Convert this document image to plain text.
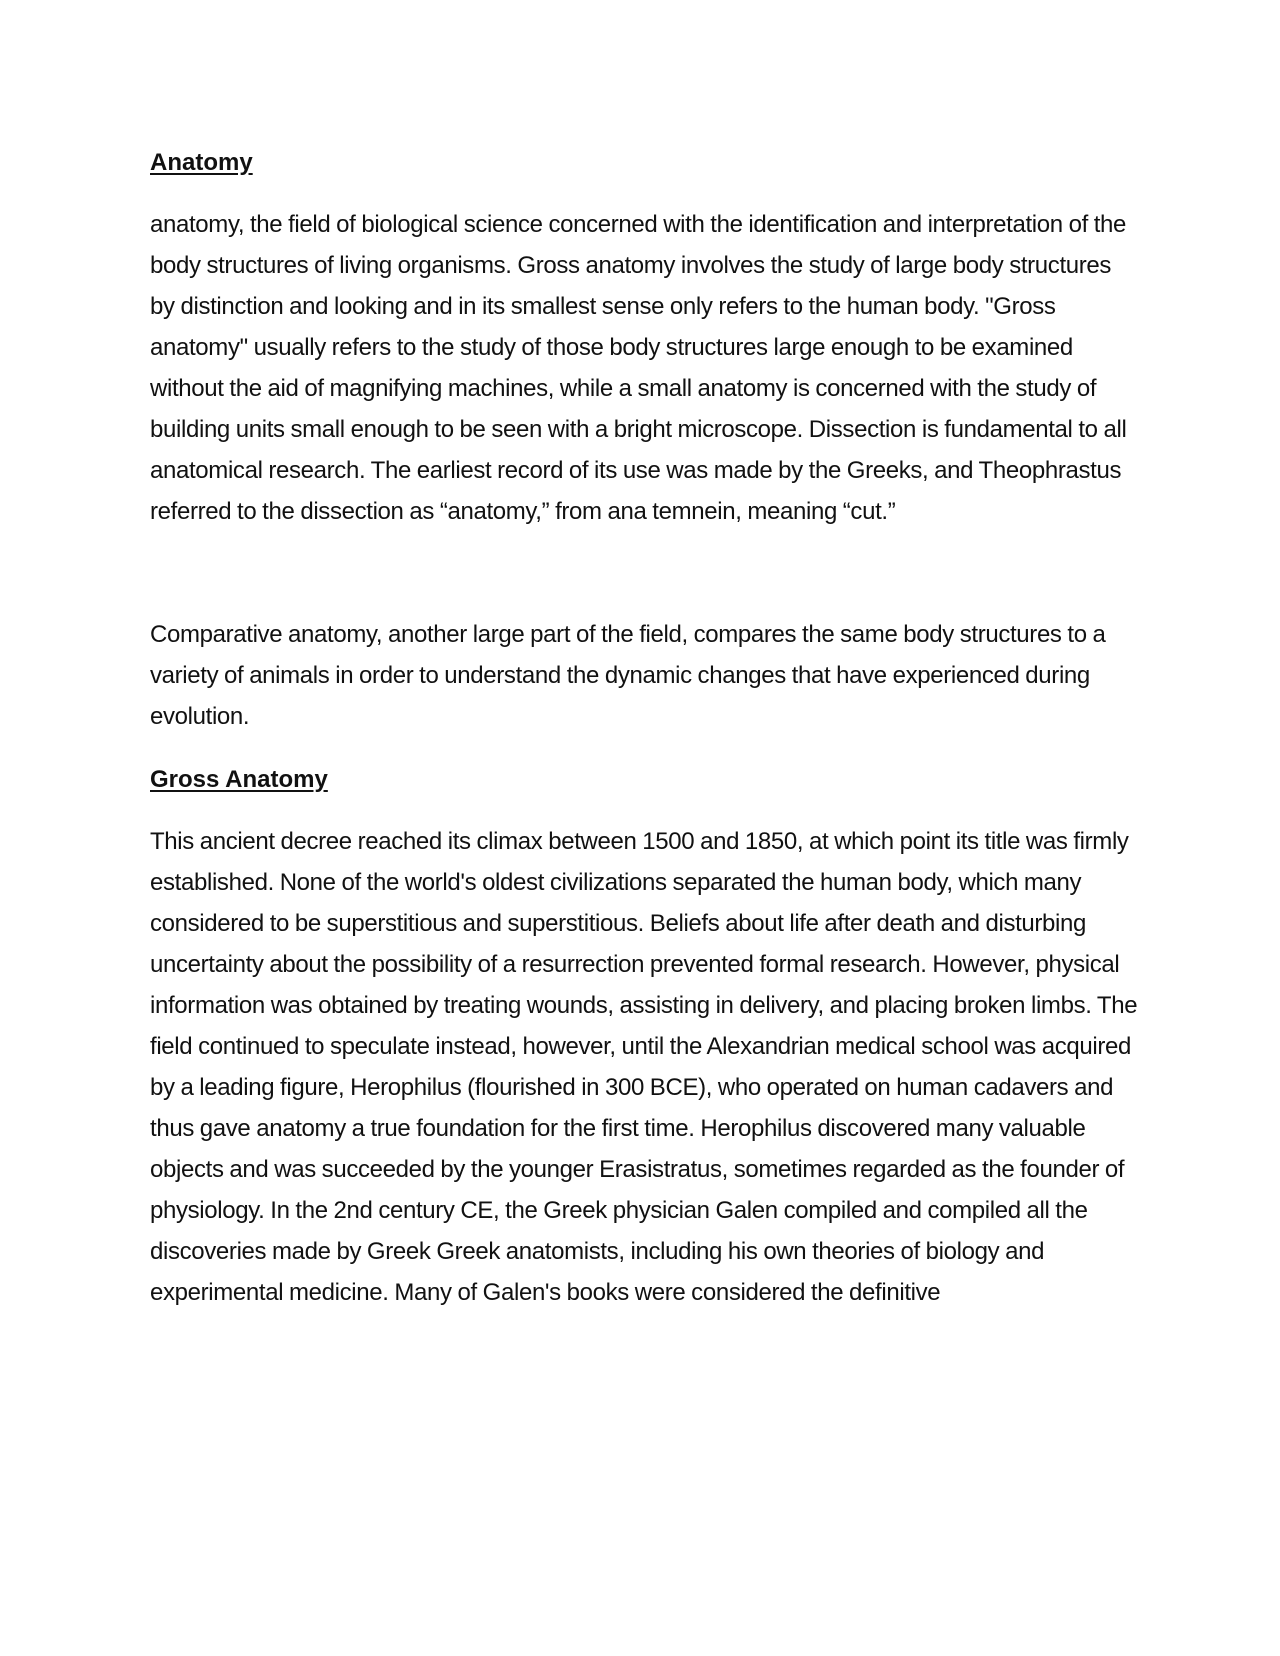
Anatomy

anatomy, the field of biological science concerned with the identification and interpretation of the body structures of living organisms. Gross anatomy involves the study of large body structures by distinction and looking and in its smallest sense only refers to the human body. "Gross anatomy" usually refers to the study of those body structures large enough to be examined without the aid of magnifying machines, while a small anatomy is concerned with the study of building units small enough to be seen with a bright microscope. Dissection is fundamental to all anatomical research. The earliest record of its use was made by the Greeks, and Theophrastus referred to the dissection as “anatomy,” from ana temnein, meaning “cut.”

Comparative anatomy, another large part of the field, compares the same body structures to a variety of animals in order to understand the dynamic changes that have experienced during evolution.

Gross Anatomy

This ancient decree reached its climax between 1500 and 1850, at which point its title was firmly established. None of the world's oldest civilizations separated the human body, which many considered to be superstitious and superstitious. Beliefs about life after death and disturbing uncertainty about the possibility of a resurrection prevented formal research. However, physical information was obtained by treating wounds, assisting in delivery, and placing broken limbs. The field continued to speculate instead, however, until the Alexandrian medical school was acquired by a leading figure, Herophilus (flourished in 300 BCE), who operated on human cadavers and thus gave anatomy a true foundation for the first time. Herophilus discovered many valuable objects and was succeeded by the younger Erasistratus, sometimes regarded as the founder of physiology. In the 2nd century CE, the Greek physician Galen compiled and compiled all the discoveries made by Greek Greek anatomists, including his own theories of biology and experimental medicine. Many of Galen's books were considered the definitive
